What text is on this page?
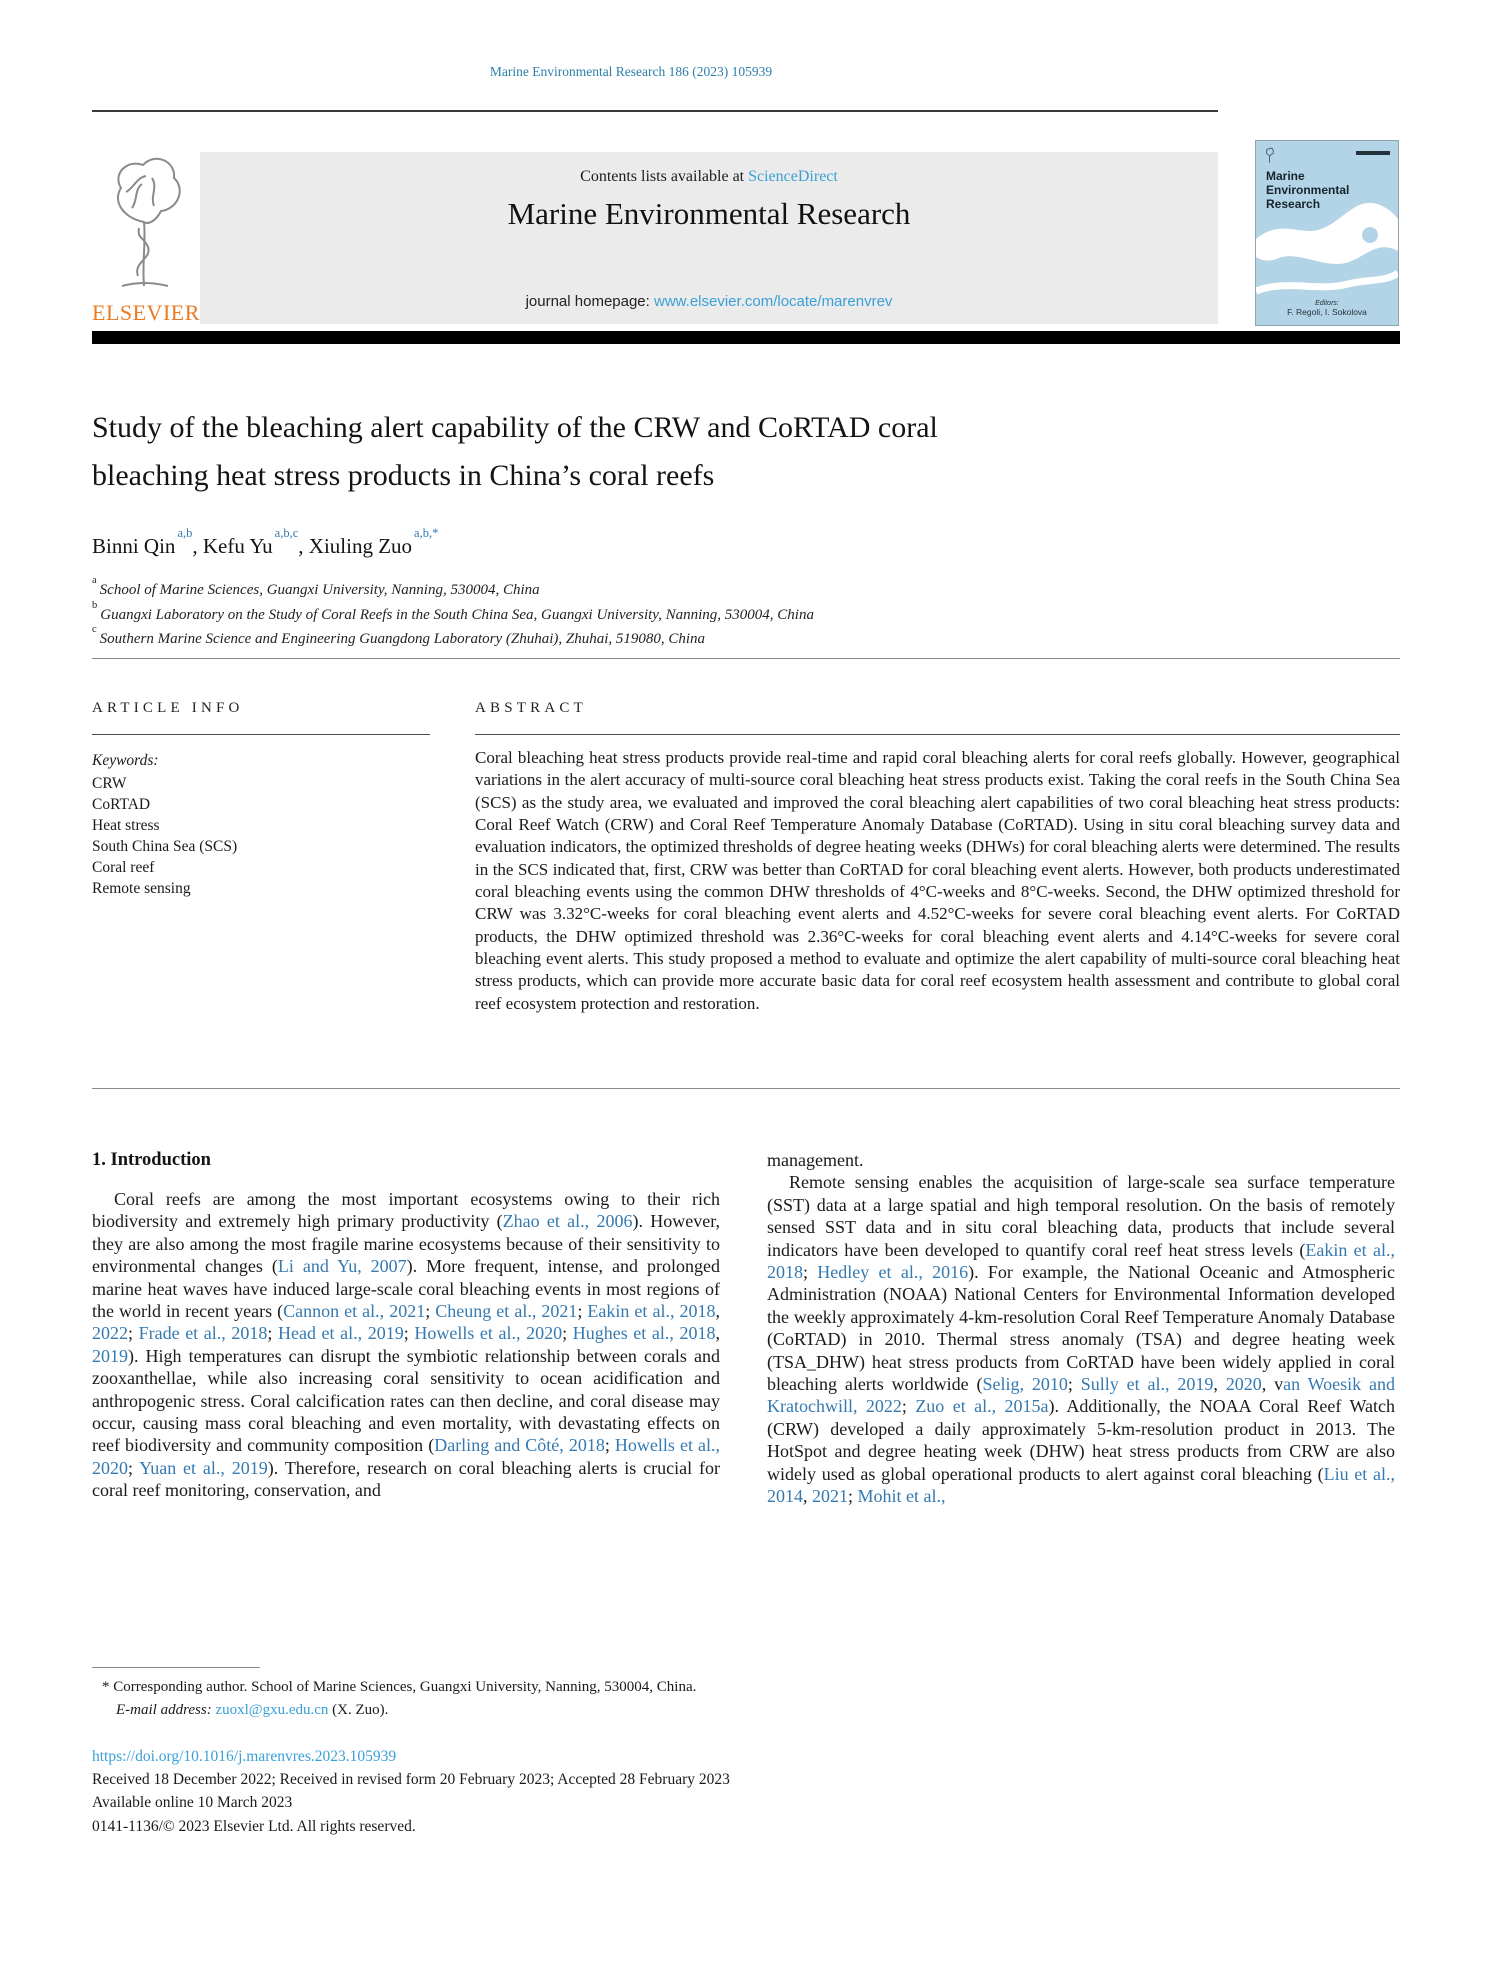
Marine Environmental Research 186 (2023) 105939
ELSEVIER
Contents lists available at ScienceDirect
Marine Environmental Research
journal homepage: www.elsevier.com/locate/marenvrev
Marine
Environmental
Research
Editors:
F. Regoli, I. Sokolova
Study of the bleaching alert capability of the CRW and CoRTAD coral
bleaching heat stress products in China’s coral reefs
Binni Qin$^{a,b}$, Kefu Yu$^{a,b,c}$, Xiuling Zuo$^{a,b,*}$
$^a$School of Marine Sciences, Guangxi University, Nanning, 530004, China
$^b$Guangxi Laboratory on the Study of Coral Reefs in the South China Sea, Guangxi University, Nanning, 530004, China
$^c$Southern Marine Science and Engineering Guangdong Laboratory (Zhuhai), Zhuhai, 519080, China
ARTICLE INFO
Keywords:
CRW
CoRTAD
Heat stress
South China Sea (SCS)
Coral reef
Remote sensing
ABSTRACT
Coral bleaching heat stress products provide real-time and rapid coral bleaching alerts for coral reefs globally. However, geographical variations in the alert accuracy of multi-source coral bleaching heat stress products exist. Taking the coral reefs in the South China Sea (SCS) as the study area, we evaluated and improved the coral bleaching alert capabilities of two coral bleaching heat stress products: Coral Reef Watch (CRW) and Coral Reef Temperature Anomaly Database (CoRTAD). Using in situ coral bleaching survey data and evaluation indicators, the optimized thresholds of degree heating weeks (DHWs) for coral bleaching alerts were determined. The results in the SCS indicated that, first, CRW was better than CoRTAD for coral bleaching event alerts. However, both products underestimated coral bleaching events using the common DHW thresholds of 4°C-weeks and 8°C-weeks. Second, the DHW optimized threshold for CRW was 3.32°C-weeks for coral bleaching event alerts and 4.52°C-weeks for severe coral bleaching event alerts. For CoRTAD products, the DHW optimized threshold was 2.36°C-weeks for coral bleaching event alerts and 4.14°C-weeks for severe coral bleaching event alerts. This study proposed a method to evaluate and optimize the alert capability of multi-source coral bleaching heat stress products, which can provide more accurate basic data for coral reef ecosystem health assessment and contribute to global coral reef ecosystem protection and restoration.
1. Introduction

Coral reefs are among the most important ecosystems owing to their rich biodiversity and extremely high primary productivity (Zhao et al., 2006). However, they are also among the most fragile marine ecosystems because of their sensitivity to environmental changes (Li and Yu, 2007). More frequent, intense, and prolonged marine heat waves have induced large-scale coral bleaching events in most regions of the world in recent years (Cannon et al., 2021; Cheung et al., 2021; Eakin et al., 2018, 2022; Frade et al., 2018; Head et al., 2019; Howells et al., 2020; Hughes et al., 2018, 2019). High temperatures can disrupt the symbiotic relationship between corals and zooxanthellae, while also increasing coral sensitivity to ocean acidification and anthropogenic stress. Coral calcification rates can then decline, and coral disease may occur, causing mass coral bleaching and even mortality, with devastating effects on reef biodiversity and community composition (Darling and Côté, 2018; Howells et al., 2020; Yuan et al., 2019). Therefore, research on coral bleaching alerts is crucial for coral reef monitoring, conservation, and

management.

Remote sensing enables the acquisition of large-scale sea surface temperature (SST) data at a large spatial and high temporal resolution. On the basis of remotely sensed SST data and in situ coral bleaching data, products that include several indicators have been developed to quantify coral reef heat stress levels (Eakin et al., 2018; Hedley et al., 2016). For example, the National Oceanic and Atmospheric Administration (NOAA) National Centers for Environmental Information developed the weekly approximately 4-km-resolution Coral Reef Temperature Anomaly Database (CoRTAD) in 2010. Thermal stress anomaly (TSA) and degree heating week (TSA_DHW) heat stress products from CoRTAD have been widely applied in coral bleaching alerts worldwide (Selig, 2010; Sully et al., 2019, 2020, van Woesik and Kratochwill, 2022; Zuo et al., 2015a). Additionally, the NOAA Coral Reef Watch (CRW) developed a daily approximately 5-km-resolution product in 2013. The HotSpot and degree heating week (DHW) heat stress products from CRW are also widely used as global operational products to alert against coral bleaching (Liu et al., 2014, 2021; Mohit et al.,

* Corresponding author. School of Marine Sciences, Guangxi University, Nanning, 530004, China.
E-mail address: zuoxl@gxu.edu.cn (X. Zuo).
https://doi.org/10.1016/j.marenvres.2023.105939
Received 18 December 2022; Received in revised form 20 February 2023; Accepted 28 February 2023
Available online 10 March 2023
0141-1136/© 2023 Elsevier Ltd. All rights reserved.
